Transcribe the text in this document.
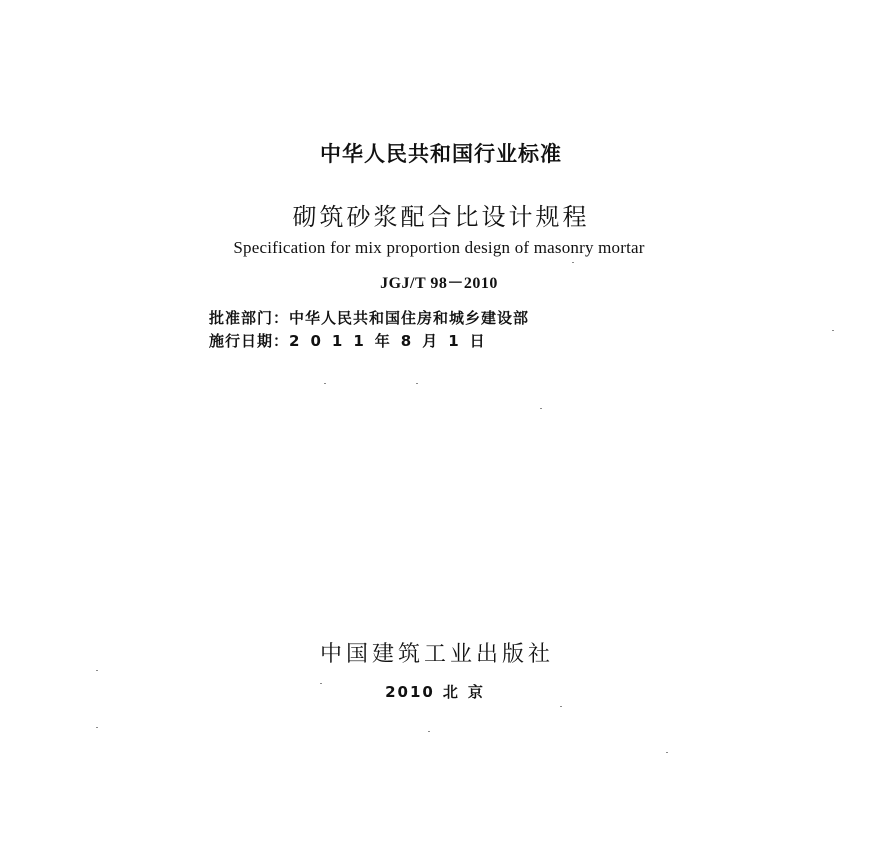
中华人民共和国行业标准
砌筑砂浆配合比设计规程
Specification for mix proportion design of masonry mortar
JGJ/T 98－2010
批准部门：中华人民共和国住房和城乡建设部
施行日期：2011年8月1日
中国建筑工业出版社
2010 北京
